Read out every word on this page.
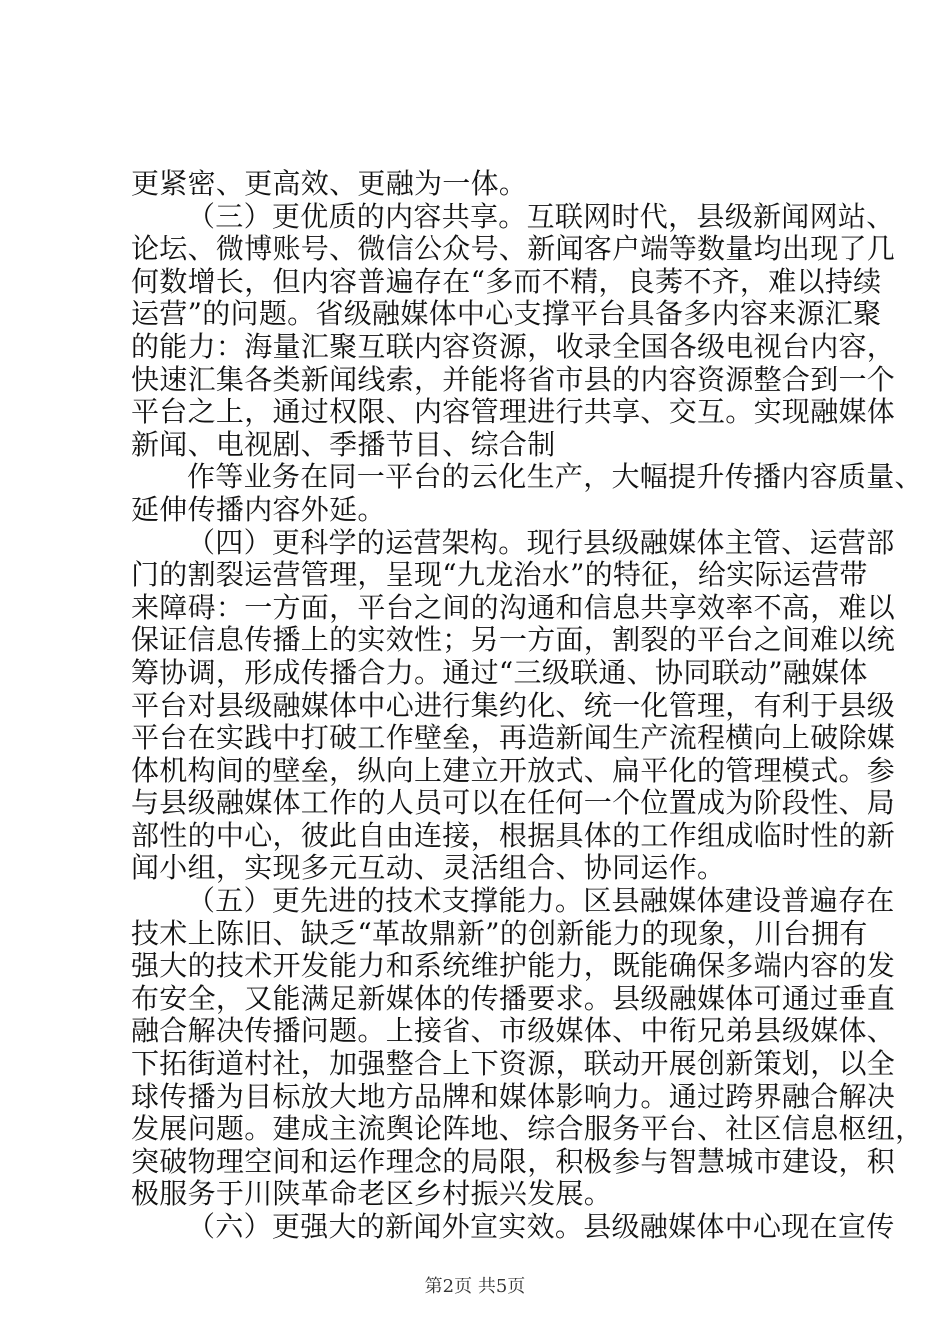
更紧密、更高效、更融为一体。
（三）更优质的内容共享。互联网时代，县级新闻网站、
论坛、微博账号、微信公众号、新闻客户端等数量均出现了几
何数增长，但内容普遍存在“多而不精，良莠不齐，难以持续
运营”的问题。省级融媒体中心支撑平台具备多内容来源汇聚
的能力：海量汇聚互联内容资源，收录全国各级电视台内容，
快速汇集各类新闻线索，并能将省市县的内容资源整合到一个
平台之上，通过权限、内容管理进行共享、交互。实现融媒体
新闻、电视剧、季播节目、综合制
作等业务在同一平台的云化生产，大幅提升传播内容质量、
延伸传播内容外延。
（四）更科学的运营架构。现行县级融媒体主管、运营部
门的割裂运营管理，呈现“九龙治水”的特征，给实际运营带
来障碍：一方面，平台之间的沟通和信息共享效率不高，难以
保证信息传播上的实效性；另一方面，割裂的平台之间难以统
筹协调，形成传播合力。通过“三级联通、协同联动”融媒体
平台对县级融媒体中心进行集约化、统一化管理，有利于县级
平台在实践中打破工作壁垒，再造新闻生产流程横向上破除媒
体机构间的壁垒，纵向上建立开放式、扁平化的管理模式。参
与县级融媒体工作的人员可以在任何一个位置成为阶段性、局
部性的中心，彼此自由连接，根据具体的工作组成临时性的新
闻小组，实现多元互动、灵活组合、协同运作。
（五）更先进的技术支撑能力。区县融媒体建设普遍存在
技术上陈旧、缺乏“革故鼎新”的创新能力的现象，川台拥有
强大的技术开发能力和系统维护能力，既能确保多端内容的发
布安全，又能满足新媒体的传播要求。县级融媒体可通过垂直
融合解决传播问题。上接省、市级媒体、中衔兄弟县级媒体、
下拓街道村社，加强整合上下资源，联动开展创新策划，以全
球传播为目标放大地方品牌和媒体影响力。通过跨界融合解决
发展问题。建成主流舆论阵地、综合服务平台、社区信息枢纽，
突破物理空间和运作理念的局限，积极参与智慧城市建设，积
极服务于川陕革命老区乡村振兴发展。
（六）更强大的新闻外宣实效。县级融媒体中心现在宣传
第2页 共5页
